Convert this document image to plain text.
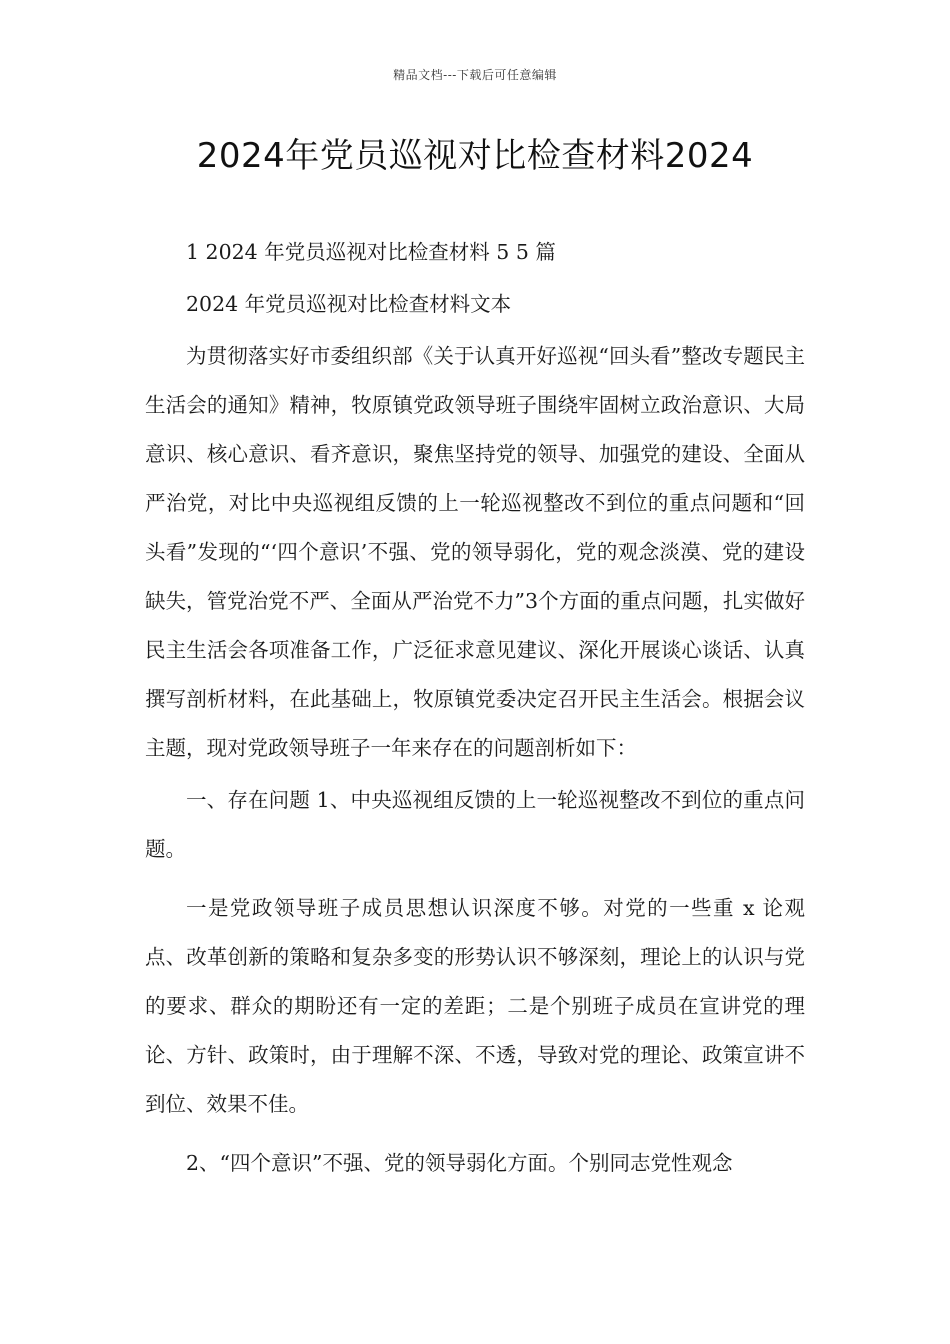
精品文档---下载后可任意编辑
2024年党员巡视对比检查材料2024

1 2024 年党员巡视对比检查材料 5 5 篇

2024 年党员巡视对比检查材料文本

为贯彻落实好市委组织部《关于认真开好巡视“回头看”整改专题民主生活会的通知》精神，牧原镇党政领导班子围绕牢固树立政治意识、大局意识、核心意识、看齐意识，聚焦坚持党的领导、加强党的建设、全面从严治党，对比中央巡视组反馈的上一轮巡视整改不到位的重点问题和“回头看”发现的“‘四个意识’不强、党的领导弱化，党的观念淡漠、党的建设缺失，管党治党不严、全面从严治党不力”3个方面的重点问题，扎实做好民主生活会各项准备工作，广泛征求意见建议、深化开展谈心谈话、认真撰写剖析材料，在此基础上，牧原镇党委决定召开民主生活会。根据会议主题，现对党政领导班子一年来存在的问题剖析如下：

一、存在问题 1、中央巡视组反馈的上一轮巡视整改不到位的重点问题。

一是党政领导班子成员思想认识深度不够。对党的一些重 x 论观点、改革创新的策略和复杂多变的形势认识不够深刻，理论上的认识与党的要求、群众的期盼还有一定的差距；二是个别班子成员在宣讲党的理论、方针、政策时，由于理解不深、不透，导致对党的理论、政策宣讲不到位、效果不佳。

2、“四个意识”不强、党的领导弱化方面。个别同志党性观念
